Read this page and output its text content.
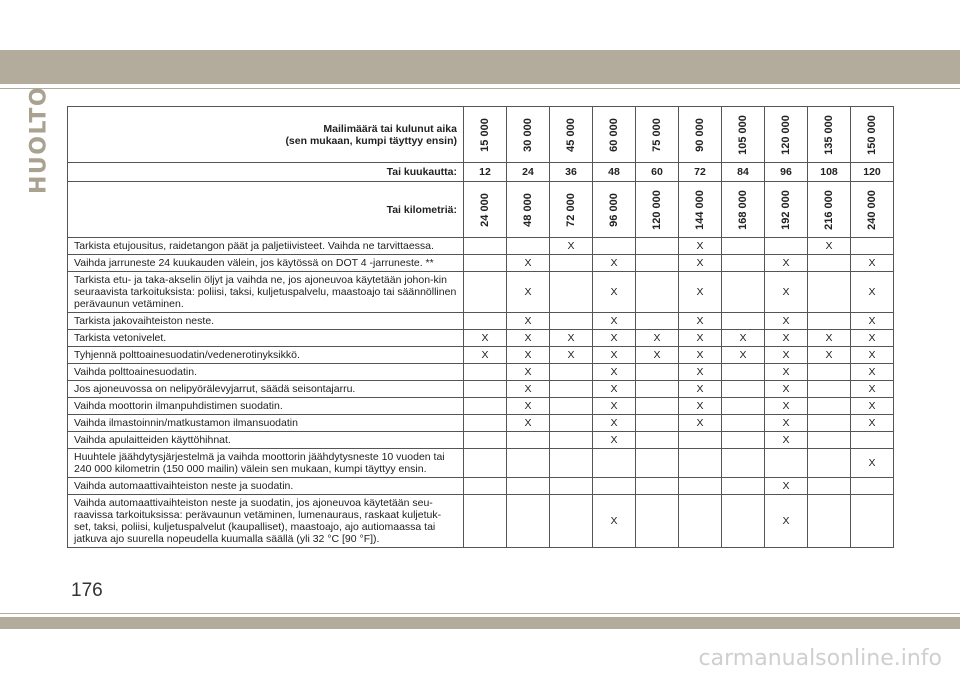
HUOLTO	Mailimäärä tai kulunut aika
(sen mukaan, kumpi täyttyy ensin)	15 000	30 000	45 000	60 000	75 000	90 000	105 000	120 000	135 000	150 000

Tai kuukautta:	12	24	36	48	60	72	84	96	108	120
Tai kilometriä:	24 000	48 000	72 000	96 000	120 000	144 000	168 000	192 000	216 000	240 000

Tarkista etujousitus, raidetangon päät ja paljetiivisteet. Vaihda ne tarvittaessa.			X			X			X	
Vaihda jarruneste 24 kuukauden välein, jos käytössä on DOT 4 -jarruneste. **		X		X		X		X		X
Tarkista etu- ja taka-akselin öljyt ja vaihda ne, jos ajoneuvoa käytetään johon-kin seuraavista tarkoituksista: poliisi, taksi, kuljetuspalvelu, maastoajo tai säännöllinen perävaunun vetäminen.		X		X		X		X		X
Tarkista jakovaihteiston neste.		X		X		X		X		X
Tarkista vetonivelet.	X	X	X	X	X	X	X	X	X	X
Tyhjennä polttoainesuodatin/vedenerotinyksikkö.	X	X	X	X	X	X	X	X	X	X
Vaihda polttoainesuodatin.		X		X		X		X		X
Jos ajoneuvossa on nelipyörälevyjarrut, säädä seisontajarru.		X		X		X		X		X
Vaihda moottorin ilmanpuhdistimen suodatin.		X		X		X		X		X
Vaihda ilmastoinnin/matkustamon ilmansuodatin		X		X		X		X		X
Vaihda apulaitteiden käyttöhihnat.				X				X		
Huuhtele jäähdytysjärjestelmä ja vaihda moottorin jäähdytysneste 10 vuoden tai 240 000 kilometrin (150 000 mailin) välein sen mukaan, kumpi täyttyy ensin.										X
Vaihda automaattivaihteiston neste ja suodatin.								X		
Vaihda automaattivaihteiston neste ja suodatin, jos ajoneuvoa käytetään seu-raavissa tarkoituksissa: perävaunun vetäminen, lumenauraus, raskaat kuljetuk-set, taksi, poliisi, kuljetuspalvelut (kaupalliset), maastoajo, ajo autiomaassa tai jatkuva ajo suurella nopeudella kuumalla säällä (yli 32 °C [90 °F]).				X				X		
176
carmanualsonline.info
